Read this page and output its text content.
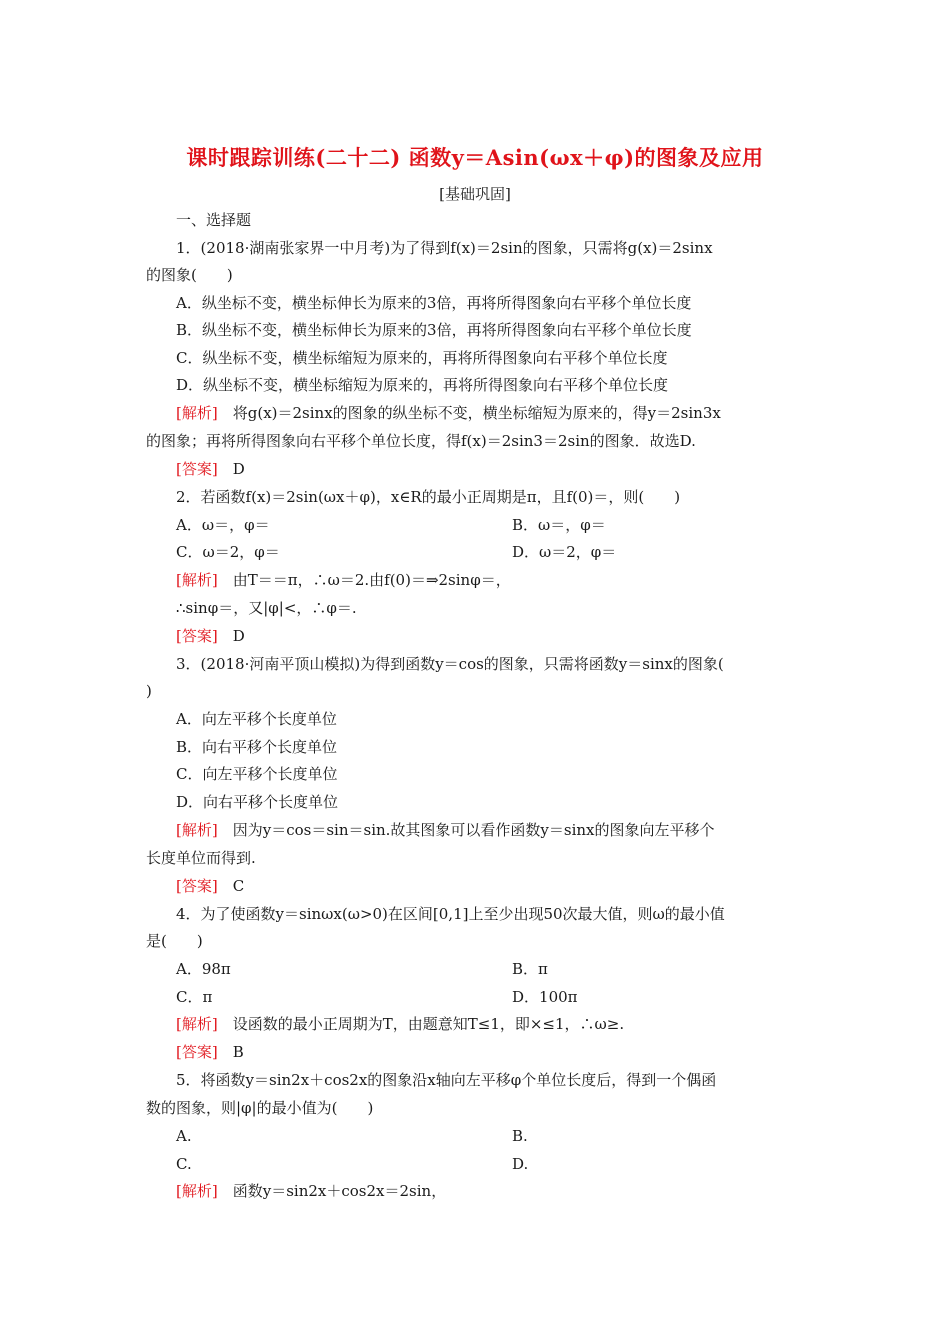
课时跟踪训练(二十二) 函数y＝Asin(ωx＋φ)的图象及应用
[基础巩固]
一、选择题
1．(2018·湖南张家界一中月考)为了得到f(x)＝2sin的图象，只需将g(x)＝2sinx
的图象(　　)
A．纵坐标不变，横坐标伸长为原来的3倍，再将所得图象向右平移个单位长度
B．纵坐标不变，横坐标伸长为原来的3倍，再将所得图象向右平移个单位长度
C．纵坐标不变，横坐标缩短为原来的，再将所得图象向右平移个单位长度
D．纵坐标不变，横坐标缩短为原来的，再将所得图象向右平移个单位长度
[解析]　 将g(x)＝2sinx的图象的纵坐标不变，横坐标缩短为原来的，得y＝2sin3x
的图象；再将所得图象向右平移个单位长度，得f(x)＝2sin3＝2sin的图象．故选D.
[答案]　 D
2．若函数f(x)＝2sin(ωx＋φ)，x∈R的最小正周期是π，且f(0)＝，则(　　)
A．ω＝，φ＝	B．ω＝，φ＝
C．ω＝2，φ＝	D．ω＝2，φ＝
[解析]　 由T＝＝π，∴ω＝2.由f(0)＝⇒2sinφ＝，
∴sinφ＝，又|φ|<，∴φ＝.
[答案]　 D
3．(2018·河南平顶山模拟)为得到函数y＝cos的图象，只需将函数y＝sinx的图象(
)
A．向左平移个长度单位
B．向右平移个长度单位
C．向左平移个长度单位
D．向右平移个长度单位
[解析]　 因为y＝cos＝sin＝sin.故其图象可以看作函数y＝sinx的图象向左平移个
长度单位而得到.
[答案]　 C
4．为了使函数y＝sinωx(ω>0)在区间[0,1]上至少出现50次最大值，则ω的最小值
是(　　)
A．98π	B．π
C．π	D．100π
[解析]　 设函数的最小正周期为T，由题意知T≤1，即×≤1，∴ω≥.
[答案]　 B
5．将函数y＝sin2x＋cos2x的图象沿x轴向左平移φ个单位长度后，得到一个偶函
数的图象，则|φ|的最小值为(　　)
A.	B.
C.	D.
[解析]　 函数y＝sin2x＋cos2x＝2sin，
